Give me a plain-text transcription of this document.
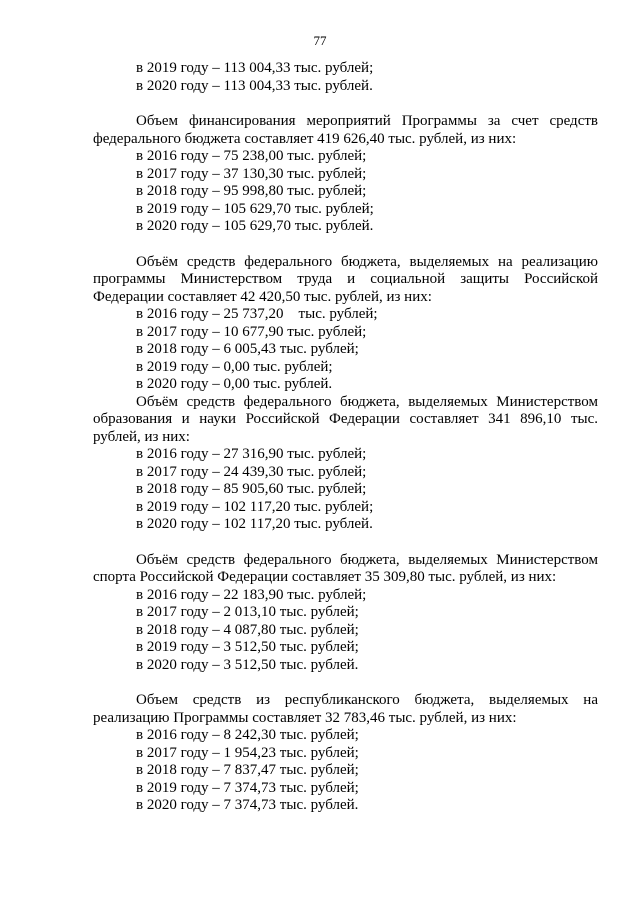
77
в 2019 году – 113 004,33 тыс. рублей;
в 2020 году – 113 004,33 тыс. рублей.

Объем финансирования мероприятий Программы за счет средств федерального бюджета составляет 419 626,40 тыс. рублей, из них:

в 2016 году – 75 238,00 тыс. рублей;
в 2017 году – 37 130,30 тыс. рублей;
в 2018 году – 95 998,80 тыс. рублей;
в 2019 году – 105 629,70 тыс. рублей;
в 2020 году – 105 629,70 тыс. рублей.

Объём средств федерального бюджета, выделяемых на реализацию программы Министерством труда и социальной защиты Российской Федерации составляет 42 420,50 тыс. рублей, из них:

в 2016 году – 25 737,20    тыс. рублей;
в 2017 году – 10 677,90 тыс. рублей;
в 2018 году – 6 005,43 тыс. рублей;
в 2019 году – 0,00 тыс. рублей;
в 2020 году – 0,00 тыс. рублей.

Объём средств федерального бюджета, выделяемых Министерством образования и науки Российской Федерации составляет 341 896,10 тыс. рублей, из них:

в 2016 году – 27 316,90 тыс. рублей;
в 2017 году – 24 439,30 тыс. рублей;
в 2018 году – 85 905,60 тыс. рублей;
в 2019 году – 102 117,20 тыс. рублей;
в 2020 году – 102 117,20 тыс. рублей.

Объём средств федерального бюджета, выделяемых Министерством спорта Российской Федерации составляет 35 309,80 тыс. рублей, из них:

в 2016 году – 22 183,90 тыс. рублей;
в 2017 году – 2 013,10 тыс. рублей;
в 2018 году – 4 087,80 тыс. рублей;
в 2019 году – 3 512,50 тыс. рублей;
в 2020 году – 3 512,50 тыс. рублей.

Объем средств из республиканского бюджета, выделяемых на реализацию Программы составляет 32 783,46 тыс. рублей, из них:

в 2016 году – 8 242,30 тыс. рублей;
в 2017 году – 1 954,23 тыс. рублей;
в 2018 году – 7 837,47 тыс. рублей;
в 2019 году – 7 374,73 тыс. рублей;
в 2020 году – 7 374,73 тыс. рублей.
